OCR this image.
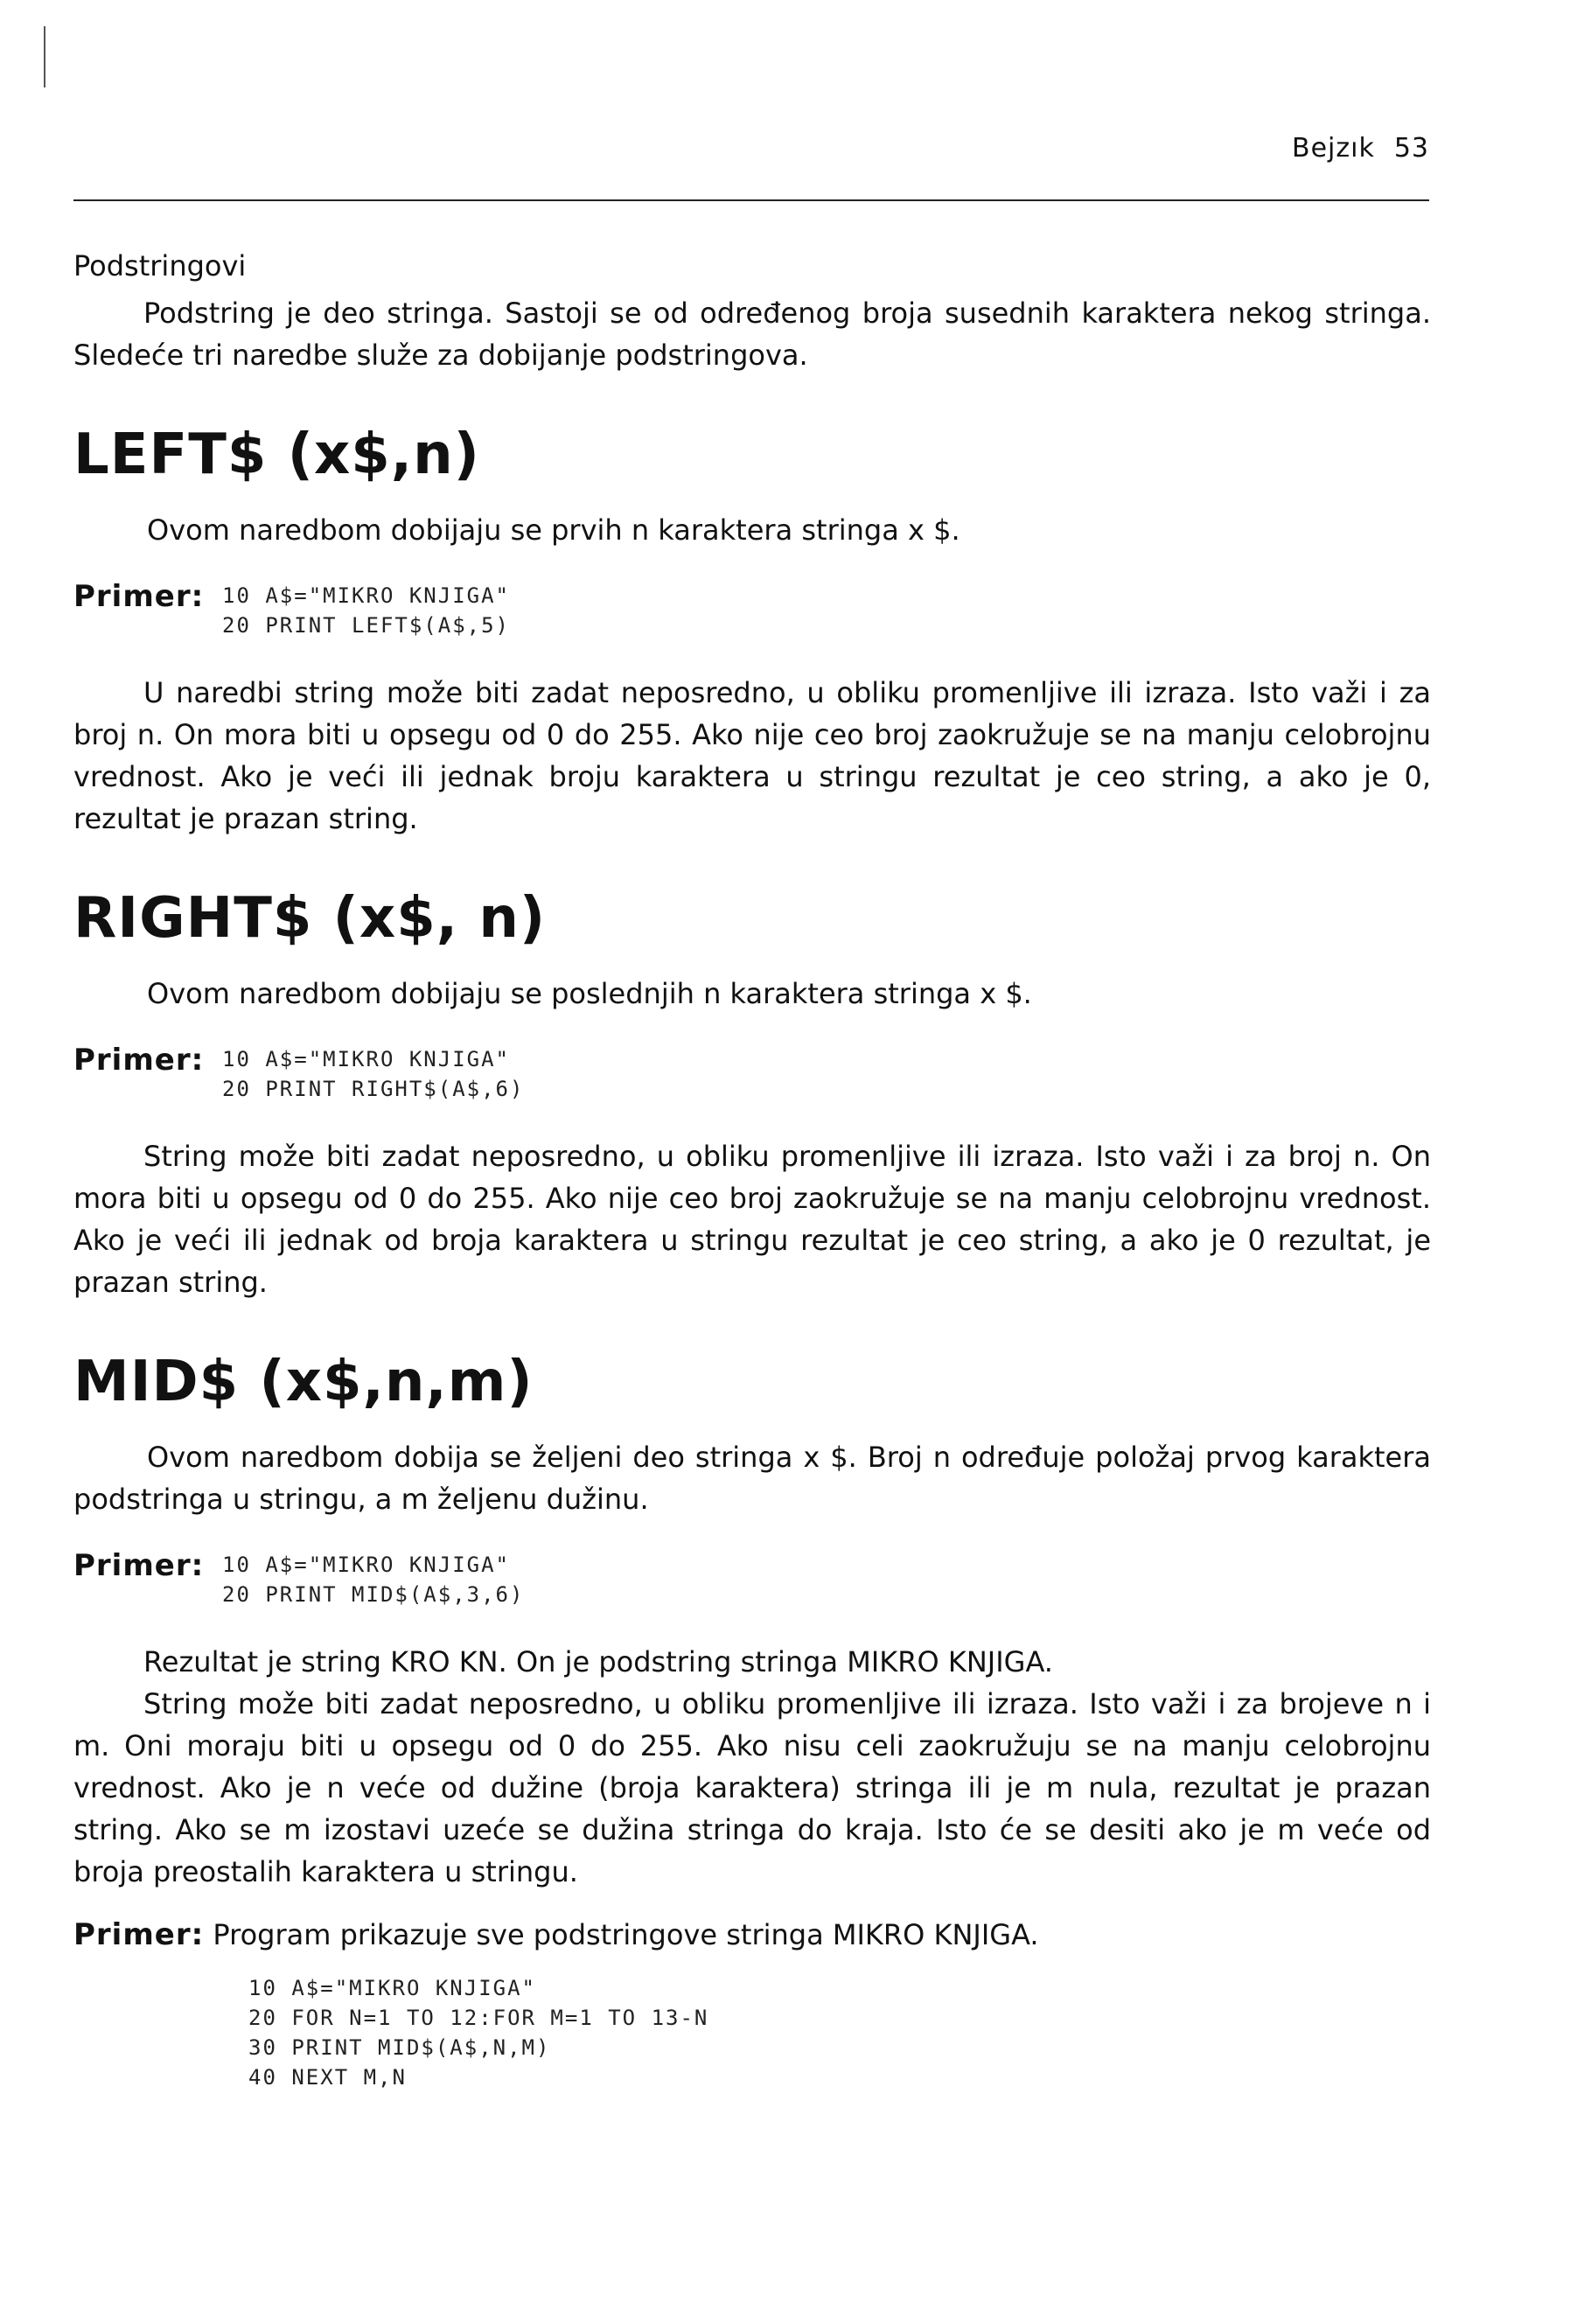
Bejzık 53
Podstringovi

Podstring je deo stringa. Sastoji se od određenog broja susednih karaktera nekog stringa. Sledeće tri naredbe služe za dobijanje podstringova.

LEFT$ (x$,n)

Ovom naredbom dobijaju se prvih n karaktera stringa x $.

Primer: 10 A$="MIKRO KNJIGA"
20 PRINT LEFT$(A$,5)

U naredbi string može biti zadat neposredno, u obliku promenljive ili izraza. Isto važi i za broj n. On mora biti u opsegu od 0 do 255. Ako nije ceo broj zaokružuje se na manju celobrojnu vrednost. Ako je veći ili jednak broju karaktera u stringu rezultat je ceo string, a ako je 0, rezultat je prazan string.

RIGHT$ (x$, n)

Ovom naredbom dobijaju se poslednjih n karaktera stringa x $.

Primer: 10 A$="MIKRO KNJIGA"
20 PRINT RIGHT$(A$,6)

String može biti zadat neposredno, u obliku promenljive ili izraza. Isto važi i za broj n. On mora biti u opsegu od 0 do 255. Ako nije ceo broj zaokružuje se na manju celobrojnu vrednost. Ako je veći ili jednak od broja karaktera u stringu rezultat je ceo string, a ako je 0 rezultat, je prazan string.

MID$ (x$,n,m)

Ovom naredbom dobija se željeni deo stringa x $. Broj n određuje položaj prvog karaktera podstringa u stringu, a m željenu dužinu.

Primer: 10 A$="MIKRO KNJIGA"
20 PRINT MID$(A$,3,6)

Rezultat je string KRO KN. On je podstring stringa MIKRO KNJIGA.

String može biti zadat neposredno, u obliku promenljive ili izraza. Isto važi i za brojeve n i m. Oni moraju biti u opsegu od 0 do 255. Ako nisu celi zaokružuju se na manju celobrojnu vrednost. Ako je n veće od dužine (broja karaktera) stringa ili je m nula, rezultat je prazan string. Ako se m izostavi uzeće se dužina stringa do kraja. Isto će se desiti ako je m veće od broja preostalih karaktera u stringu.

Primer: Program prikazuje sve podstringove stringa MIKRO KNJIGA.
10 A$="MIKRO KNJIGA"
20 FOR N=1 TO 12:FOR M=1 TO 13-N
30 PRINT MID$(A$,N,M)
40 NEXT M,N
